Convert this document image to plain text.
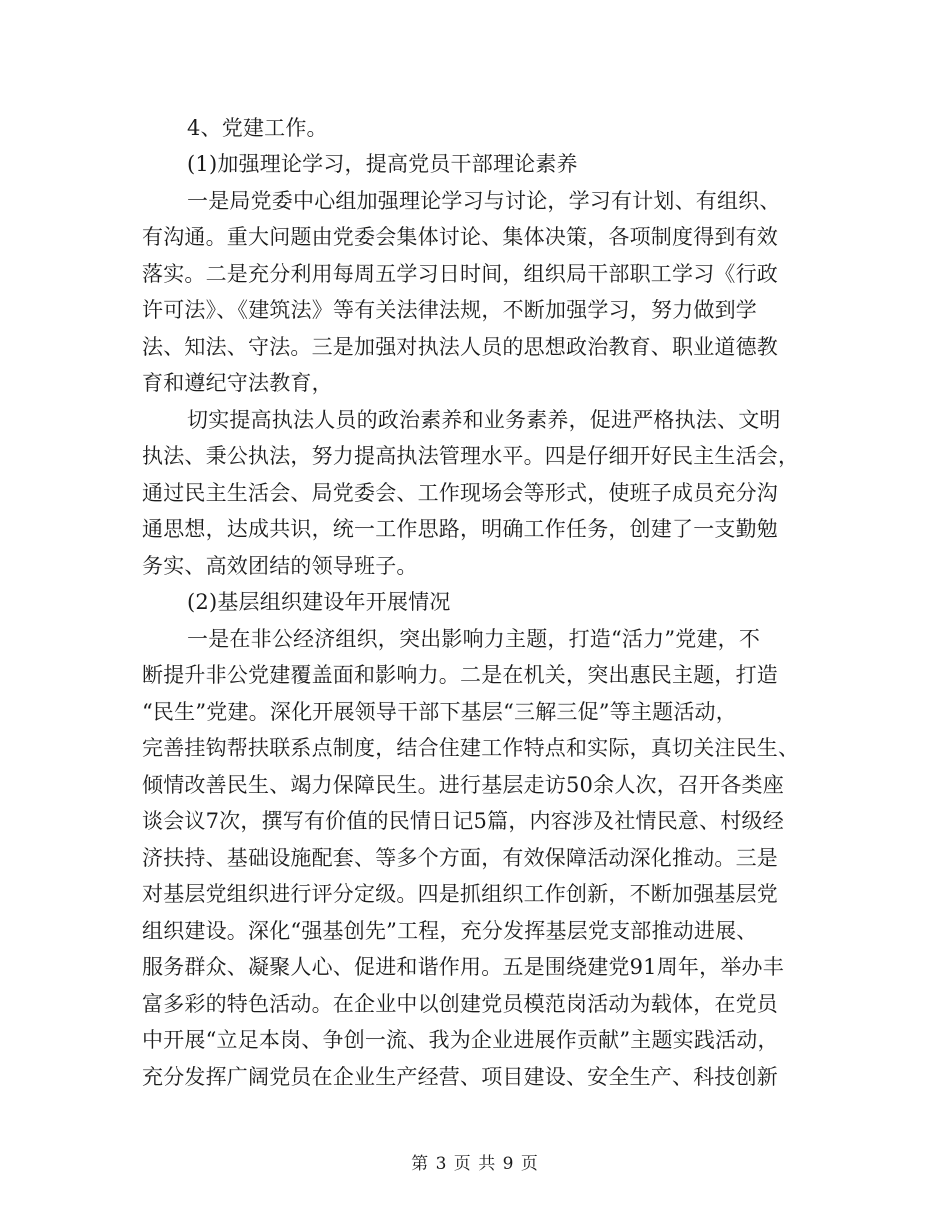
4、党建工作。
(1)加强理论学习，提高党员干部理论素养
一是局党委中心组加强理论学习与讨论，学习有计划、有组织、
有沟通。重大问题由党委会集体讨论、集体决策，各项制度得到有效
落实。二是充分利用每周五学习日时间，组织局干部职工学习《行政
许可法》、《建筑法》等有关法律法规，不断加强学习，努力做到学
法、知法、守法。三是加强对执法人员的思想政治教育、职业道德教
育和遵纪守法教育，
切实提高执法人员的政治素养和业务素养，促进严格执法、文明
执法、秉公执法，努力提高执法管理水平。四是仔细开好民主生活会，
通过民主生活会、局党委会、工作现场会等形式，使班子成员充分沟
通思想，达成共识，统一工作思路，明确工作任务，创建了一支勤勉
务实、高效团结的领导班子。
(2)基层组织建设年开展情况
一是在非公经济组织，突出影响力主题，打造“活力”党建，不
断提升非公党建覆盖面和影响力。二是在机关，突出惠民主题，打造
“民生”党建。深化开展领导干部下基层“三解三促”等主题活动，
完善挂钩帮扶联系点制度，结合住建工作特点和实际，真切关注民生、
倾情改善民生、竭力保障民生。进行基层走访50余人次，召开各类座
谈会议7次，撰写有价值的民情日记5篇，内容涉及社情民意、村级经
济扶持、基础设施配套、等多个方面，有效保障活动深化推动。三是
对基层党组织进行评分定级。四是抓组织工作创新，不断加强基层党
组织建设。深化“强基创先”工程，充分发挥基层党支部推动进展、
服务群众、凝聚人心、促进和谐作用。五是围绕建党91周年，举办丰
富多彩的特色活动。在企业中以创建党员模范岗活动为载体，在党员
中开展“立足本岗、争创一流、我为企业进展作贡献”主题实践活动，
充分发挥广阔党员在企业生产经营、项目建设、安全生产、科技创新
第 3 页 共 9 页
